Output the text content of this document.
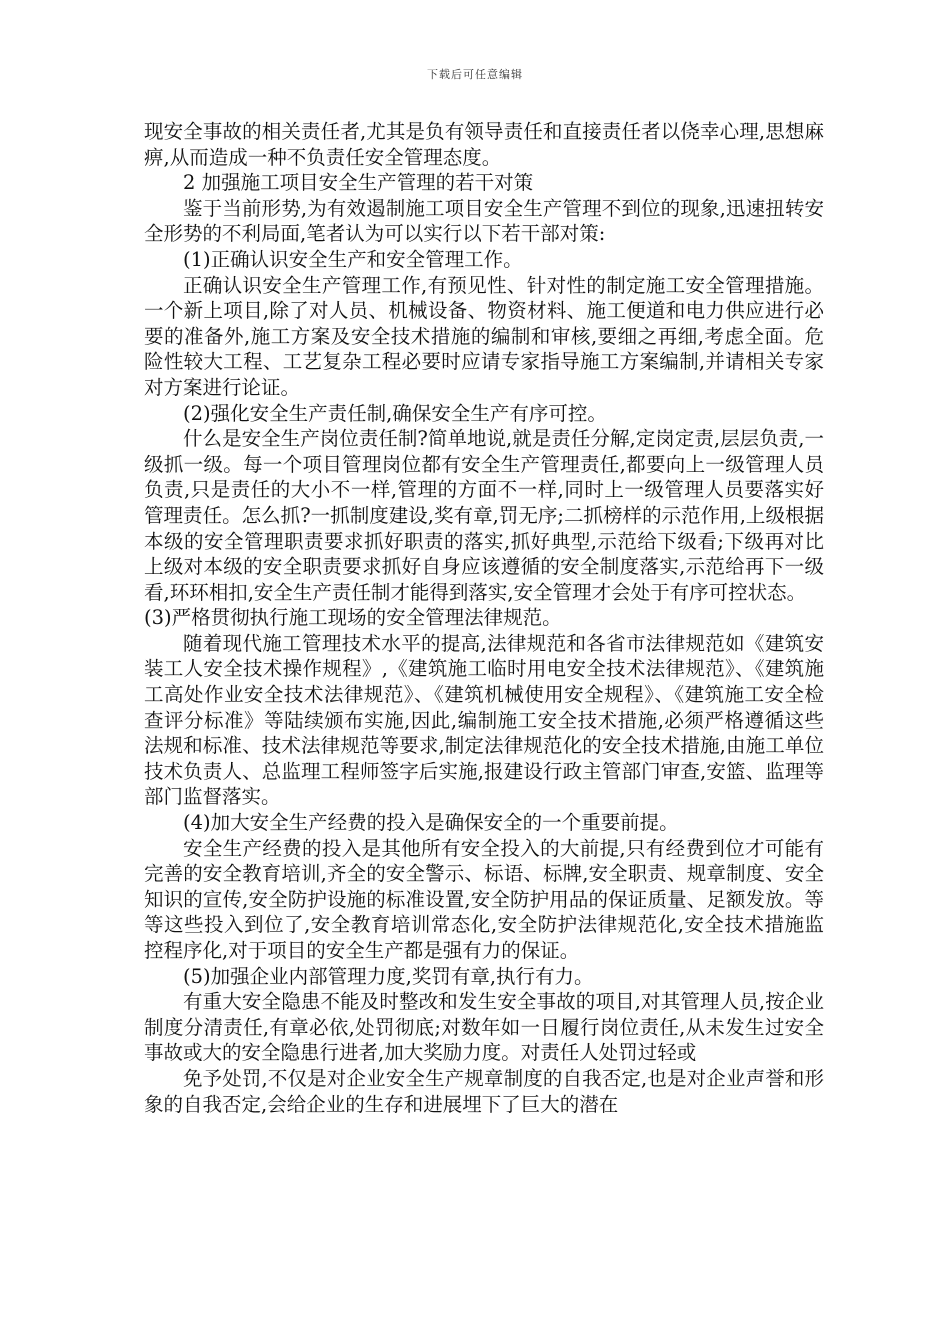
下载后可任意编辑

现安全事故的相关责任者,尤其是负有领导责任和直接责任者以侥幸心理,思想麻痹,从而造成一种不负责任安全管理态度。

2 加强施工项目安全生产管理的若干对策

鉴于当前形势,为有效遏制施工项目安全生产管理不到位的现象,迅速扭转安全形势的不利局面,笔者认为可以实行以下若干部对策:

(1)正确认识安全生产和安全管理工作。

正确认识安全生产管理工作,有预见性、针对性的制定施工安全管理措施。一个新上项目,除了对人员、机械设备、物资材料、施工便道和电力供应进行必要的准备外,施工方案及安全技术措施的编制和审核,要细之再细,考虑全面。危险性较大工程、工艺复杂工程必要时应请专家指导施工方案编制,并请相关专家对方案进行论证。

(2)强化安全生产责任制,确保安全生产有序可控。

什么是安全生产岗位责任制?简单地说,就是责任分解,定岗定责,层层负责,一级抓一级。每一个项目管理岗位都有安全生产管理责任,都要向上一级管理人员负责,只是责任的大小不一样,管理的方面不一样,同时上一级管理人员要落实好管理责任。怎么抓?一抓制度建设,奖有章,罚无序;二抓榜样的示范作用,上级根据本级的安全管理职责要求抓好职责的落实,抓好典型,示范给下级看;下级再对比上级对本级的安全职责要求抓好自身应该遵循的安全制度落实,示范给再下一级看,环环相扣,安全生产责任制才能得到落实,安全管理才会处于有序可控状态。

(3)严格贯彻执行施工现场的安全管理法律规范。

随着现代施工管理技术水平的提高,法律规范和各省市法律规范如《建筑安装工人安全技术操作规程》,《建筑施工临时用电安全技术法律规范》、《建筑施工高处作业安全技术法律规范》、《建筑机械使用安全规程》、《建筑施工安全检查评分标准》等陆续颁布实施,因此,编制施工安全技术措施,必须严格遵循这些法规和标准、技术法律规范等要求,制定法律规范化的安全技术措施,由施工单位技术负责人、总监理工程师签字后实施,报建设行政主管部门审查,安篮、监理等部门监督落实。

(4)加大安全生产经费的投入是确保安全的一个重要前提。

安全生产经费的投入是其他所有安全投入的大前提,只有经费到位才可能有完善的安全教育培训,齐全的安全警示、标语、标牌,安全职责、规章制度、安全知识的宣传,安全防护设施的标准设置,安全防护用品的保证质量、足额发放。等等这些投入到位了,安全教育培训常态化,安全防护法律规范化,安全技术措施监控程序化,对于项目的安全生产都是强有力的保证。

(5)加强企业内部管理力度,奖罚有章,执行有力。

有重大安全隐患不能及时整改和发生安全事故的项目,对其管理人员,按企业制度分清责任,有章必依,处罚彻底;对数年如一日履行岗位责任,从未发生过安全事故或大的安全隐患行进者,加大奖励力度。对责任人处罚过轻或

免予处罚,不仅是对企业安全生产规章制度的自我否定,也是对企业声誉和形象的自我否定,会给企业的生存和进展埋下了巨大的潜在
